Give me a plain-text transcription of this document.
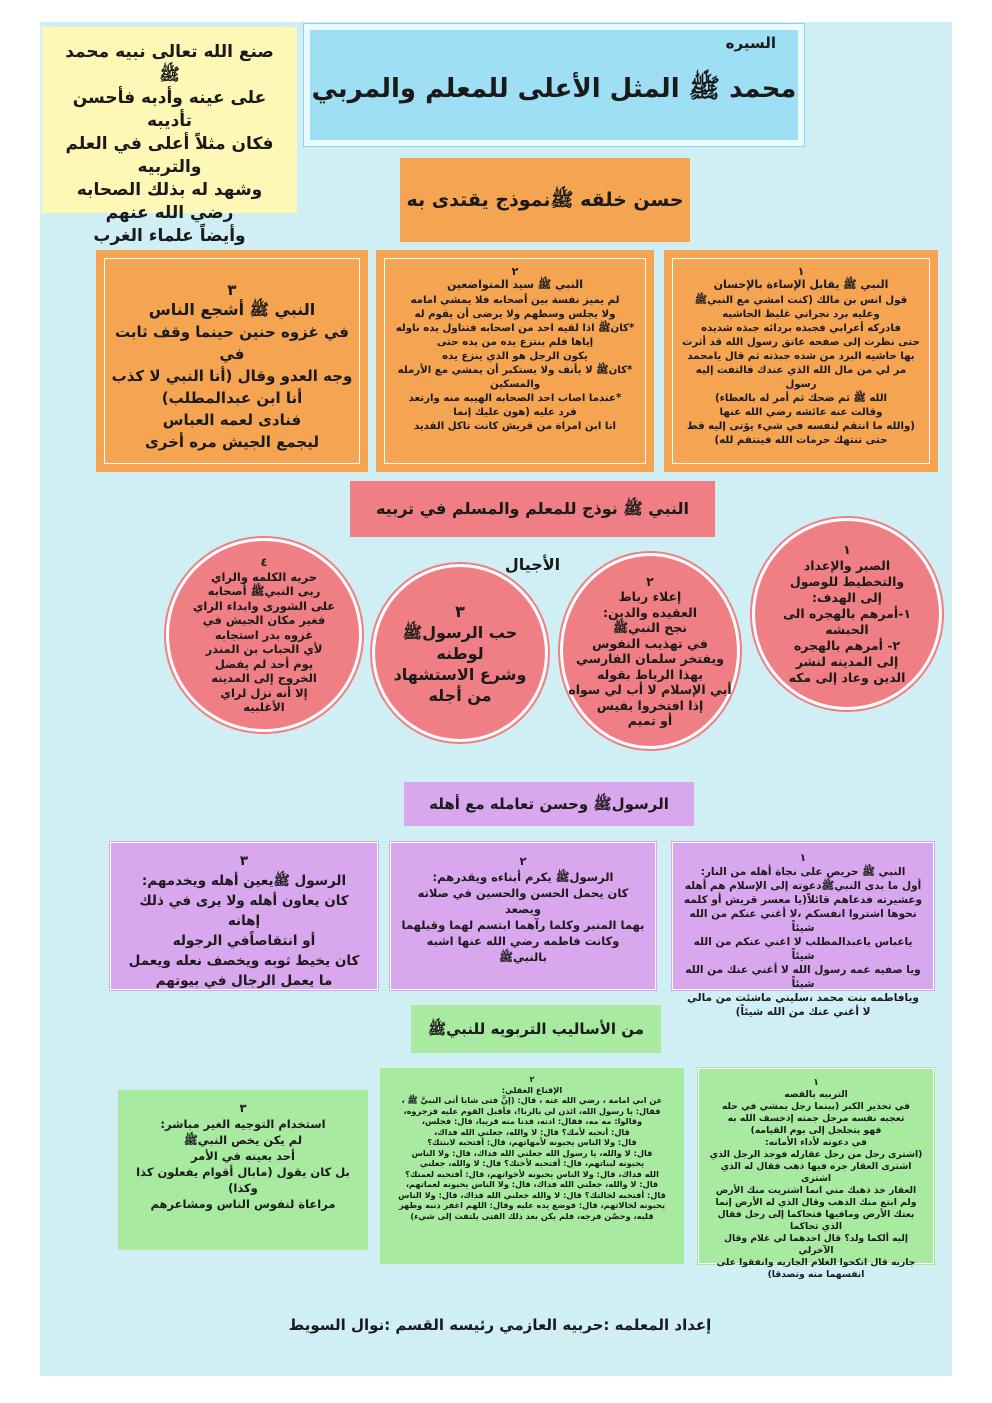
صنع الله تعالى نبيه محمد ﷺ
على عينه وأدبه فأحسن تأديبه
فكان مثلاً أعلى في العلم والتربيه
وشهد له بذلك الصحابه
رضي الله عنهم
وأيضاً علماء الغرب
السيره
محمد ﷺ المثل الأعلى للمعلم والمربي
حسن خلقه ﷺنموذج يقتدى به
١
النبي ﷺ يقابل الإساءة بالإحسان
قول انس بن مالك (كنت امشي مع النبيﷺ
وعليه برد نجراني غليظ الحاشيه
فادركه أعرابي فجبذه بردائه جبذه شديده
حتى نظرت إلى صفحه عاتق رسول الله قد أثرت
بها حاشيه البرد من شده جبذته ثم قال يامحمد
مر لي من مال الله الذي عندك فالتفت إليه رسول
الله ﷺ ثم ضحك ثم أمر له بالعطاء)
وقالت عنه عائشه رضي الله عنها
(والله ما انتقم لنفسه في شيء يؤتى إليه قط
حتى تنتهك حرمات الله فينتقم لله)
٢
النبي ﷺ سيد المتواضعين
لم يميز نفسة بين أصحابه فلا يمشي امامه
ولا يجلس وسطهم ولا يرضى أن يقوم له
*كانﷺ اذا لقيه احد من اصحابه فتناول يده ناوله
إياها فلم ينتزع يده من يده حتى
يكون الرجل هو الذي ينزع يده
*كانﷺ لا يأنف ولا يستكبر أن يمشي مع الأرمله
والمسكين
*عندما اصاب احد الصحابه الهيبه منه وارتعد
فرد عليه (هون عليك إنما
انا ابن امراة من قريش كانت تاكل القديد
٣
النبي ﷺ أشجع الناس
في غزوه حنين حينما وقف ثابت في
وجه العدو وقال (أنا النبي لا كذب
أنا ابن عبدالمطلب)
فنادى لعمه العباس
ليجمع الجيش مره أخرى
النبي ﷺ نوذج للمعلم والمسلم في تربيه الأجيال
١
الصبر والإعداد
والتخطيط للوصول
إلى الهدف:
١-أمرهم بالهجره الى
الحبشه
٢- أمرهم بالهجره
إلى المدينه لنشر
الدين وعاد إلى مكه
٢
إعلاء رباط
العقيده والدين:
نجح النبيﷺ
في تهذيب النفوس
ويفتخر سلمان الفارسي
بهذا الرباط بقوله
أبي الإسلام لا أب لي سواه
إذا افتخروا بقيس
أو تميم
٣
حب الرسولﷺ
لوطنه
وشرع الاستشهاد
من أجله
٤
حريه الكلمه والراي
ربى النبيﷺ أصحابه
على الشورى وابداء الراي
فغير مكان الجيش في
غزوه بدر استجابه
لأي الحباب بن المنذر
يوم أحد لم يفضل
الخروج إلى المدينه
إلا أنه نزل لراي
الأغلبيه
الرسولﷺ وحسن تعامله مع أهله
١
النبي ﷺ حريص على نجاة أهله من النار:
أول ما بدى النبيﷺدعوته إلى الإسلام هم أهله
وعشيرته فدعاهم قائلاً(يا معسر قريش أو كلمه
نحوها اشتروا انفسكم ،لا أغني عنكم من الله شيئاً
ياعباس ياعبدالمطلب لا اغني عنكم من الله شيئاً
ويا صفيه عمه رسول الله لا أغني عنك من الله شيئاً
ويافاطمه بنت محمد ،سليني ماشئت من مالي
لا أغني عنك من الله شيئاً)
٢
الرسولﷺ يكرم أبناءه ويقدرهم:
كان يحمل الحسن والحسين في صلاته ويصعد
بهما المنبر وكلما رآهما ابتسم لهما وقبلهما
وكانت فاطمه رضي الله عنها اشبه بالنبيﷺ
٣
الرسول ﷺيعين أهله ويخدمهم:
كان يعاون أهله ولا يرى في ذلك إهانه
أو انتقاصاًفي الرجوله
كان يخيط ثوبه ويخصف نعله ويعمل
ما يعمل الرجال في بيوتهم
من الأساليب التربويه للنبيﷺ
١
التربيه بالقصه
في تحذير الكبر (بينما رجل يمشي في حله
تعجبه نفسه مرجل جمته إذخسف الله به
فهو يتجلجل إلى يوم القيامه)
في دعوته لأداء الأمانه:
(اشترى رجل من رجل عقارله فوجد الرجل الذي
اشترى العقار جره فيها ذهب فقال له الذي اشترى
العقار خذ ذهبك مني انما اشتريت منك الأرض
ولم ابتع منك الذهب وقال الذي له الأرض إنما
بعتك الأرض ومافيها فتحاكما إلى رجل فقال الذي تحاكما
إليه ألكما ولد؟ قال احدهما لي غلام وقال الآخرلي
جاريه قال انكحوا الغلام الجاريه وانفقوا على
انفسهما منه وتصدقا)
٢
الإقناع العقلي:
عن ابي امامة ، رضي الله عنه ، قال: (إنَّ فتى شابا أتى النبيَّ ﷺ ،
فقال: يا رسول الله، ائذن لي بالزنا!، فأقبل القوم عليه فزجروه،
وقالوا: مه مه، فقال: ادنه، فدنا منه قريبا، قال: فجلس،
قال: أتحبه لأمك؟ قال: لا والله، جعلني الله فداك،
قال: ولا الناس يحبونه لأمهاتهم، قال: أفتحبه لابنتك؟
قال: لا والله، يا رسول الله جعلني الله فداك، قال: ولا الناس
يحبونه لبناتهم، قال: أفتحبه لأختك؟ قال: لا والله، جعلني
الله فداك، قال: ولا الناس يحبونه لأخواتهم، قال: أفتحبه لعمتك؟
قال: لا والله، جعلني الله فداك، قال: ولا الناس يحبونه لعماتهم،
قال: أفتحبه لخالتك؟ قال: لا والله جعلني الله فداك، قال: ولا الناس
يحبونه لخالاتهم، قال: فوضع يده عليه وقال: اللهم اغفر ذنبه وطهر
قلبه، وحصّن فرجه، فلم يكن بعد ذلك الفتى يلتفت إلى شيء)
٣
استخدام التوجيه الغير مباشر:
لم يكن يخص النبيﷺ
أحد بعينه في الأمر
بل كان يقول (مابال أقوام يفعلون كذا
وكذا)
مراعاة لنفوس الناس ومشاعرهم
إعداد المعلمه :حربيه العازمي رئيسه القسم :نوال السويط
